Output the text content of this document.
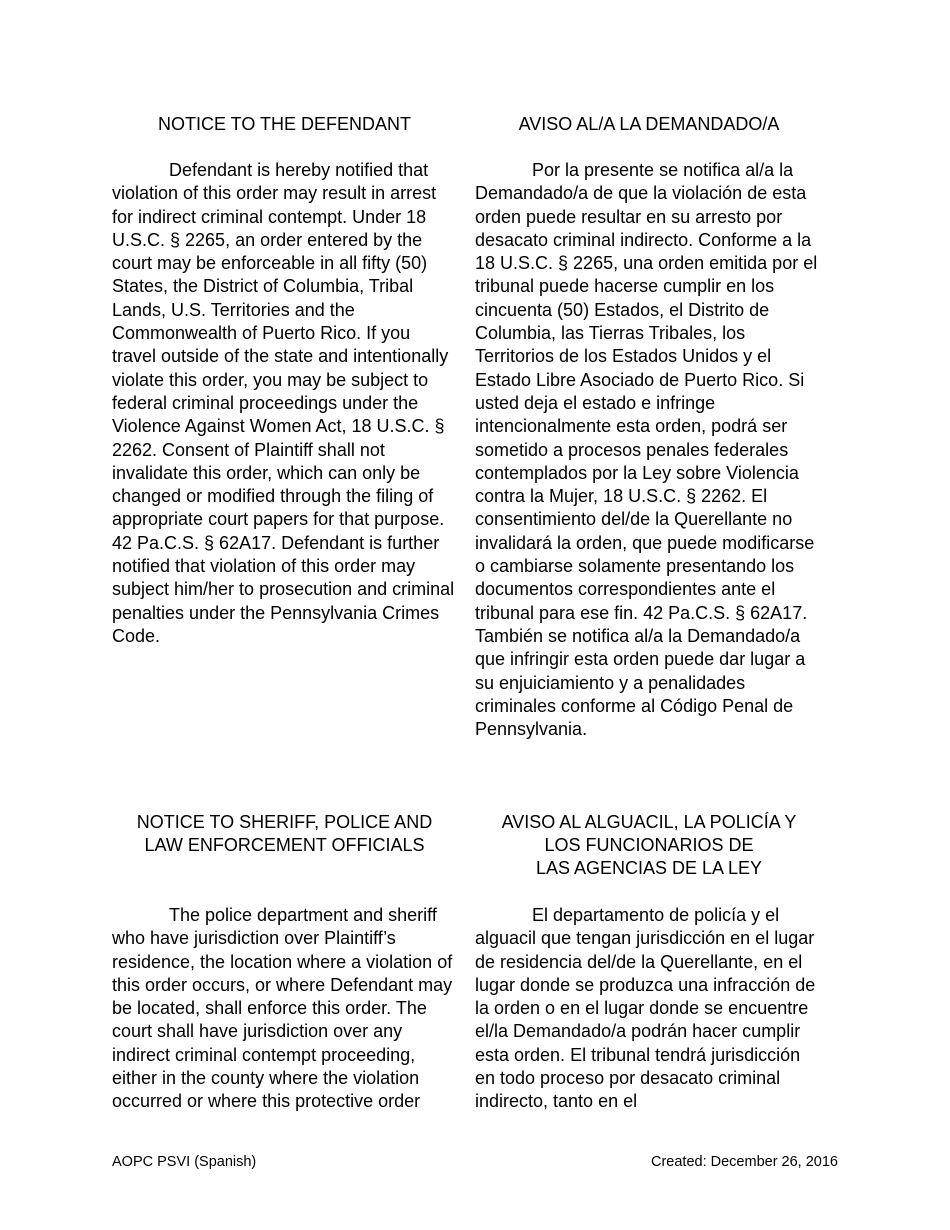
NOTICE TO THE DEFENDANT	AVISO AL/A LA DEMANDADO/A

Defendant is hereby notified that violation of this order may result in arrest for indirect criminal contempt. Under 18 U.S.C. § 2265, an order entered by the court may be enforceable in all fifty (50) States, the District of Columbia, Tribal Lands, U.S. Territories and the Commonwealth of Puerto Rico. If you travel outside of the state and intentionally violate this order, you may be subject to federal criminal proceedings under the Violence Against Women Act, 18 U.S.C. § 2262. Consent of Plaintiff shall not invalidate this order, which can only be changed or modified through the filing of appropriate court papers for that purpose. 42 Pa.C.S. § 62A17. Defendant is further notified that violation of this order may subject him/her to prosecution and criminal penalties under the Pennsylvania Crimes Code.

Por la presente se notifica al/a la Demandado/a de que la violación de esta orden puede resultar en su arresto por desacato criminal indirecto. Conforme a la 18 U.S.C. § 2265, una orden emitida por el tribunal puede hacerse cumplir en los cincuenta (50) Estados, el Distrito de Columbia, las Tierras Tribales, los Territorios de los Estados Unidos y el Estado Libre Asociado de Puerto Rico. Si usted deja el estado e infringe intencionalmente esta orden, podrá ser sometido a procesos penales federales contemplados por la Ley sobre Violencia contra la Mujer, 18 U.S.C. § 2262. El consentimiento del/de la Querellante no invalidará la orden, que puede modificarse o cambiarse solamente presentando los documentos correspondientes ante el tribunal para ese fin. 42 Pa.C.S. § 62A17. También se notifica al/a la Demandado/a que infringir esta orden puede dar lugar a su enjuiciamiento y a penalidades criminales conforme al Código Penal de Pennsylvania.

NOTICE TO SHERIFF, POLICE AND
LAW ENFORCEMENT OFFICIALS
AVISO AL ALGUACIL, LA POLICÍA Y
LOS FUNCIONARIOS DE
LAS AGENCIAS DE LA LEY

The police department and sheriff who have jurisdiction over Plaintiff’s residence, the location where a violation of this order occurs, or where Defendant may be located, shall enforce this order. The court shall have jurisdiction over any indirect criminal contempt proceeding, either in the county where the violation occurred or where this protective order

El departamento de policía y el alguacil que tengan jurisdicción en el lugar de residencia del/de la Querellante, en el lugar donde se produzca una infracción de la orden o en el lugar donde se encuentre el/la Demandado/a podrán hacer cumplir esta orden. El tribunal tendrá jurisdicción en todo proceso por desacato criminal indirecto, tanto en el

AOPC PSVI (Spanish)	Created: December 26, 2016
